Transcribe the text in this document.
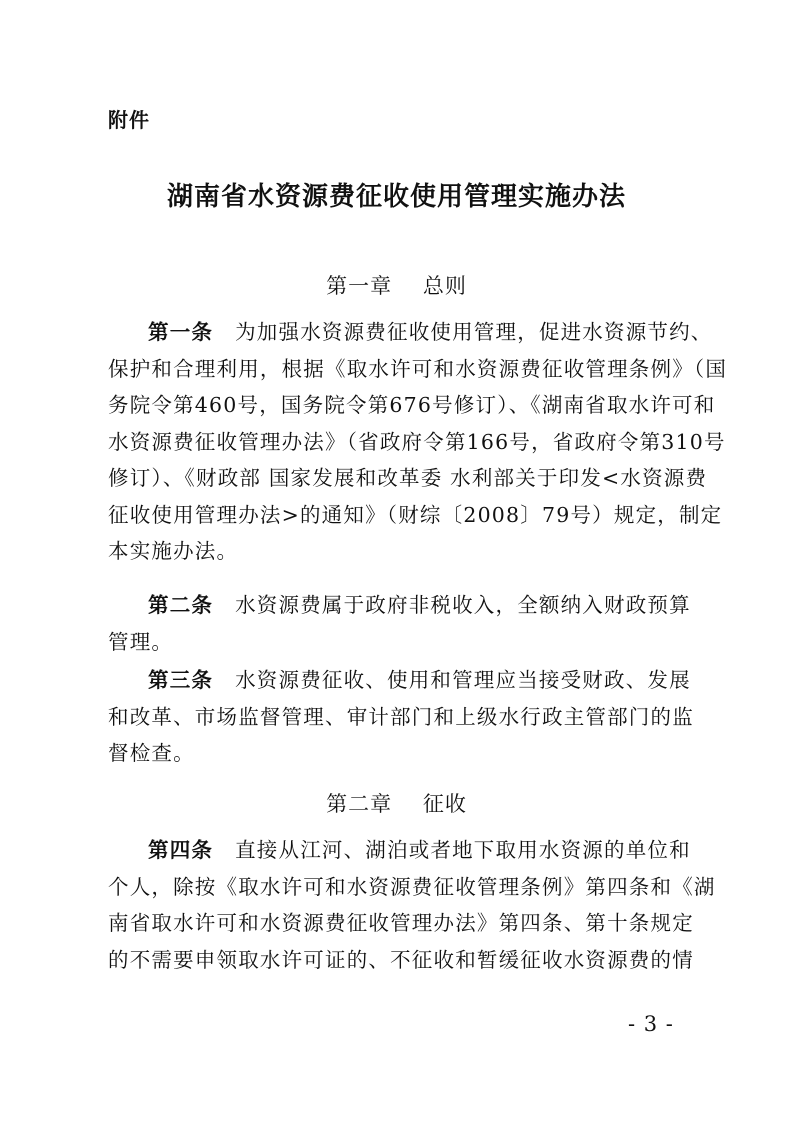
附件
湖南省水资源费征收使用管理实施办法
第一章    总则
第一条 为加强水资源费征收使用管理，促进水资源节约、
保护和合理利用，根据《取水许可和水资源费征收管理条例》（国
务院令第460号，国务院令第676号修订）、《湖南省取水许可和
水资源费征收管理办法》（省政府令第166号，省政府令第310号
修订）、《财政部 国家发展和改革委 水利部关于印发<水资源费
征收使用管理办法>的通知》（财综〔2008〕79号）规定，制定
本实施办法。
第二条 水资源费属于政府非税收入，全额纳入财政预算
管理。
第三条 水资源费征收、使用和管理应当接受财政、发展
和改革、市场监督管理、审计部门和上级水行政主管部门的监
督检查。
第二章    征收
第四条 直接从江河、湖泊或者地下取用水资源的单位和
个人，除按《取水许可和水资源费征收管理条例》第四条和《湖
南省取水许可和水资源费征收管理办法》第四条、第十条规定
的不需要申领取水许可证的、不征收和暂缓征收水资源费的情
- 3 -
